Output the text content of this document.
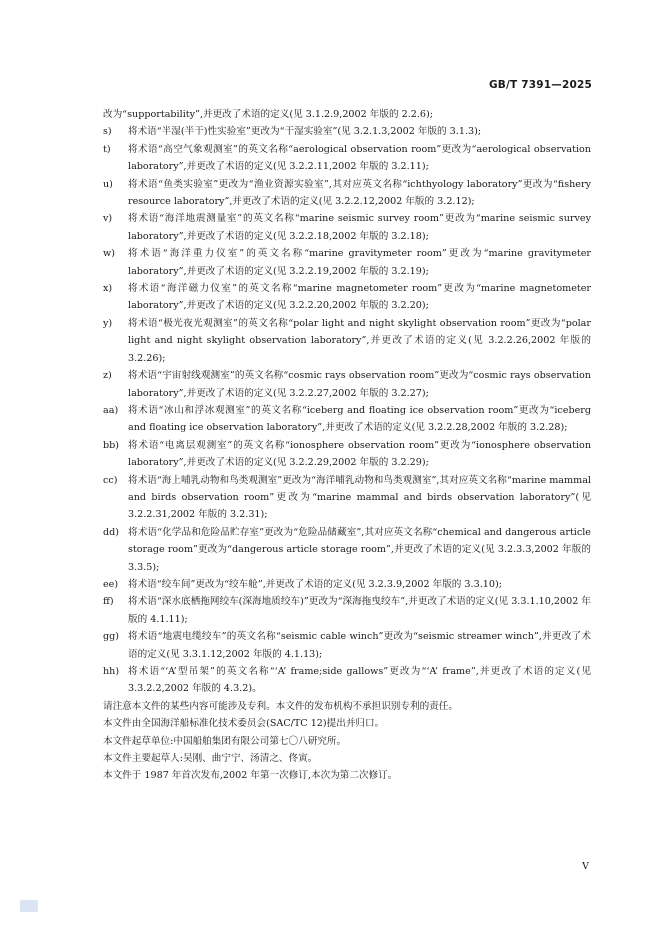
GB/T 7391—2025
改为“supportability”,并更改了术语的定义(见 3.1.2.9,2002 年版的 2.2.6);
s) 将术语“半湿(半干)性实验室”更改为“干湿实验室”(见 3.2.1.3,2002 年版的 3.1.3);
t) 将术语“高空气象观测室”的英文名称“aerological observation room”更改为“aerological observation laboratory”,并更改了术语的定义(见 3.2.2.11,2002 年版的 3.2.11);
u) 将术语“鱼类实验室”更改为“渔业资源实验室”,其对应英文名称“ichthyology laboratory”更改为“fishery resource laboratory”,并更改了术语的定义(见 3.2.2.12,2002 年版的 3.2.12);
v) 将术语“海洋地震测量室”的英文名称“marine seismic survey room”更改为“marine seismic survey laboratory”,并更改了术语的定义(见 3.2.2.18,2002 年版的 3.2.18);
w) 将术语“海洋重力仪室”的英文名称“marine gravitymeter room”更改为“marine gravitymeter laboratory”,并更改了术语的定义(见 3.2.2.19,2002 年版的 3.2.19);
x) 将术语“海洋磁力仪室”的英文名称“marine magnetometer room”更改为“marine magnetometer laboratory”,并更改了术语的定义(见 3.2.2.20,2002 年版的 3.2.20);
y) 将术语“极光夜光观测室”的英文名称“polar light and night skylight observation room”更改为“polar light and night skylight observation laboratory”,并更改了术语的定义(见 3.2.2.26,2002 年版的 3.2.26);
z) 将术语“宇宙射线观测室”的英文名称“cosmic rays observation room”更改为“cosmic rays observation laboratory”,并更改了术语的定义(见 3.2.2.27,2002 年版的 3.2.27);
aa) 将术语“冰山和浮冰观测室”的英文名称“iceberg and floating ice observation room”更改为“iceberg and floating ice observation laboratory”,并更改了术语的定义(见 3.2.2.28,2002 年版的 3.2.28);
bb) 将术语“电离层观测室”的英文名称“ionosphere observation room”更改为“ionosphere observation laboratory”,并更改了术语的定义(见 3.2.2.29,2002 年版的 3.2.29);
cc) 将术语“海上哺乳动物和鸟类观测室”更改为“海洋哺乳动物和鸟类观测室”,其对应英文名称“marine mammal and birds observation room”更改为“marine mammal and birds observation laboratory”(见 3.2.2.31,2002 年版的 3.2.31);
dd) 将术语“化学品和危险品贮存室”更改为“危险品储藏室”,其对应英文名称“chemical and dangerous article storage room”更改为“dangerous article storage room”,并更改了术语的定义(见 3.2.3.3,2002 年版的 3.3.5);
ee) 将术语“绞车间”更改为“绞车舱”,并更改了术语的定义(见 3.2.3.9,2002 年版的 3.3.10);
ff) 将术语“深水底栖拖网绞车(深海地质绞车)”更改为“深海拖曳绞车”,并更改了术语的定义(见 3.3.1.10,2002 年版的 4.1.11);
gg) 将术语“地震电缆绞车”的英文名称“seismic cable winch”更改为“seismic streamer winch”,并更改了术语的定义(见 3.3.1.12,2002 年版的 4.1.13);
hh) 将术语“‘A’型吊架”的英文名称“‘A’ frame;side gallows”更改为“‘A’ frame”,并更改了术语的定义(见 3.3.2.2,2002 年版的 4.3.2)。
请注意本文件的某些内容可能涉及专利。本文件的发布机构不承担识别专利的责任。
本文件由全国海洋船标准化技术委员会(SAC/TC 12)提出并归口。
本文件起草单位:中国船舶集团有限公司第七〇八研究所。
本文件主要起草人:吴刚、曲宁宁、汤清之、佟寅。
本文件于 1987 年首次发布,2002 年第一次修订,本次为第二次修订。
V
